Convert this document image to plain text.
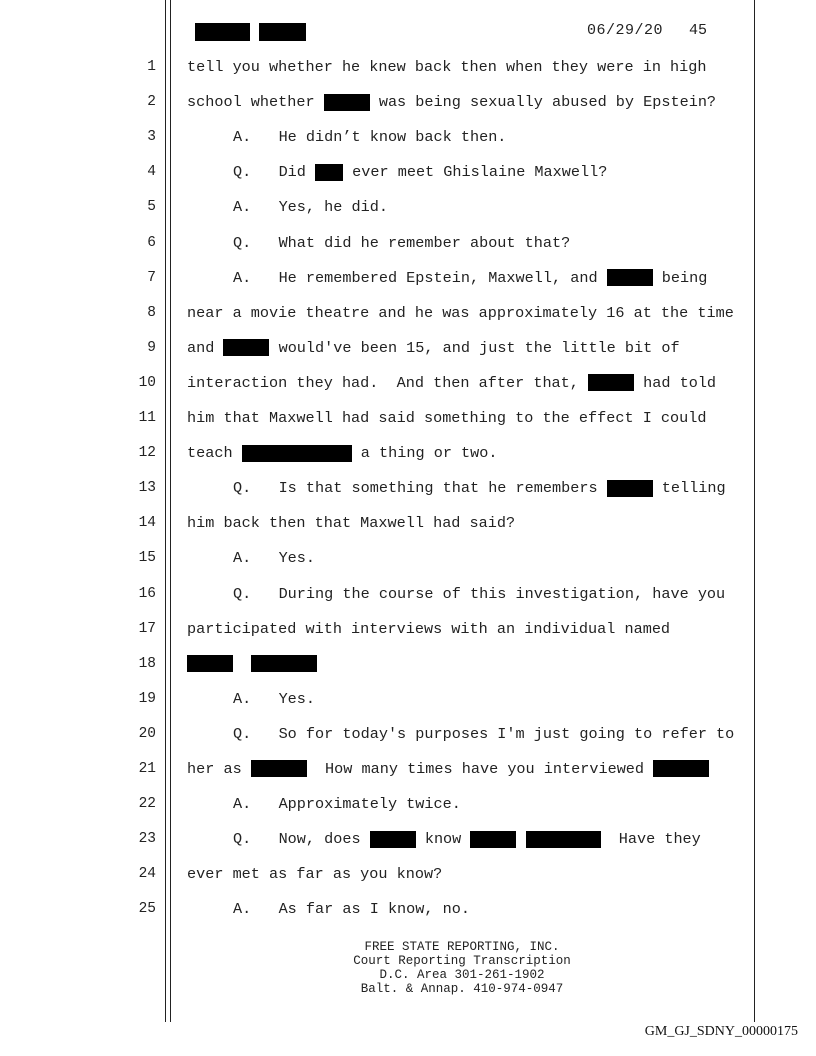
06/29/20 45
1 tell you whether he knew back then when they were in high
2 school whether	was being sexually abused by Epstein?
3	A.   He didn’t know back then.
4	Q.   Did  ever meet Ghislaine Maxwell?
5	A.   Yes, he did.
6	Q.   What did he remember about that?
7	A.   He remembered Epstein, Maxwell, and	being
8 near a movie theatre and he was approximately 16 at the time
9 and	would've been 15, and just the little bit of
10 interaction they had.  And then after that,	had told
11 him that Maxwell had said something to the effect I could
12 teach	a thing or two.
13	Q.   Is that something that he remembers	telling
14 him back then that Maxwell had said?
15	A.   Yes.
16	Q.   During the course of this investigation, have you
17 participated with interviews with an individual named
18

19	A.   Yes.
20	Q.   So for today's purposes I'm just going to refer to
21 her as	How many times have you interviewed
22	A.   Approximately twice.
23	Q.   Now, does	know	Have they
24 ever met as far as you know?
25	A.   As far as I know, no.
FREE STATE REPORTING, INC.
Court Reporting Transcription
D.C. Area 301-261-1902
Balt. & Annap. 410-974-0947
GM_GJ_SDNY_00000175
